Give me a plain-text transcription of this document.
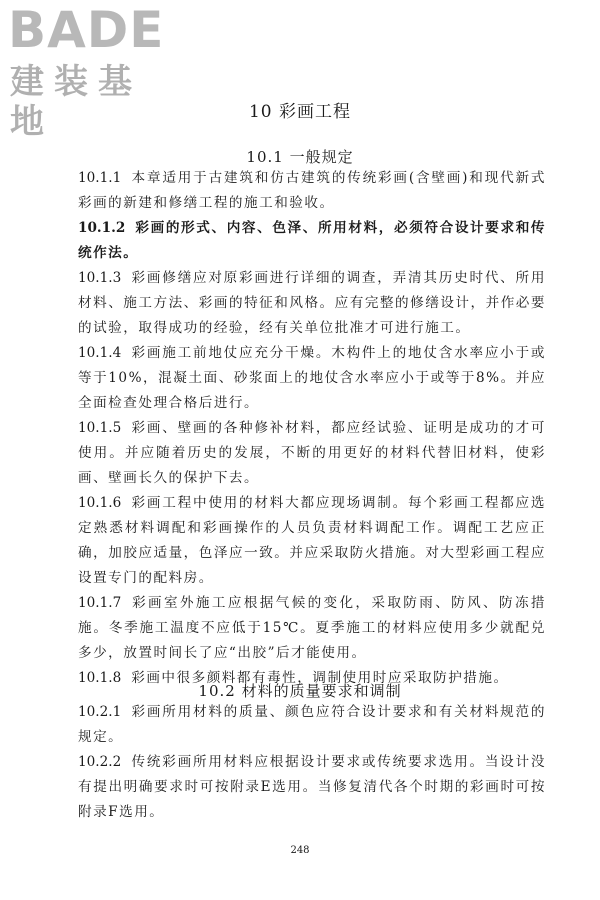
BADE
建装基地	10 彩画工程
10.1 一般规定

10.1.1 本章适用于古建筑和仿古建筑的传统彩画(含壁画)和现代新式彩画的新建和修缮工程的施工和验收。

10.1.2 彩画的形式、内容、色泽、所用材料，必须符合设计要求和传统作法。

10.1.3 彩画修缮应对原彩画进行详细的调查，弄清其历史时代、所用材料、施工方法、彩画的特征和风格。应有完整的修缮设计，并作必要的试验，取得成功的经验，经有关单位批准才可进行施工。

10.1.4 彩画施工前地仗应充分干燥。木构件上的地仗含水率应小于或等于10%，混凝土面、砂浆面上的地仗含水率应小于或等于8%。并应全面检查处理合格后进行。

10.1.5 彩画、壁画的各种修补材料，都应经试验、证明是成功的才可使用。并应随着历史的发展，不断的用更好的材料代替旧材料，使彩画、壁画长久的保护下去。

10.1.6 彩画工程中使用的材料大都应现场调制。每个彩画工程都应选定熟悉材料调配和彩画操作的人员负责材料调配工作。调配工艺应正确，加胶应适量，色泽应一致。并应采取防火措施。对大型彩画工程应设置专门的配料房。

10.1.7 彩画室外施工应根据气候的变化，采取防雨、防风、防冻措施。冬季施工温度不应低于15℃。夏季施工的材料应使用多少就配兑多少，放置时间长了应“出胶”后才能使用。

10.1.8 彩画中很多颜料都有毒性，调制使用时应采取防护措施。

10.2 材料的质量要求和调制

10.2.1 彩画所用材料的质量、颜色应符合设计要求和有关材料规范的规定。

10.2.2 传统彩画所用材料应根据设计要求或传统要求选用。当设计没有提出明确要求时可按附录E选用。当修复清代各个时期的彩画时可按附录F选用。

248
